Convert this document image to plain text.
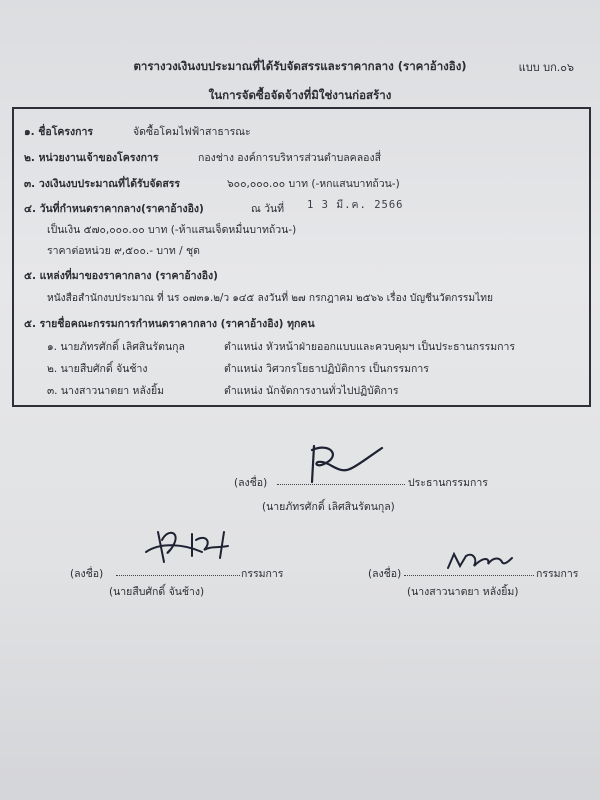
แบบ บก.๐๖
ตารางวงเงินงบประมาณที่ได้รับจัดสรรและราคากลาง (ราคาอ้างอิง)
ในการจัดซื้อจัดจ้างที่มิใช่งานก่อสร้าง
๑. ชื่อโครงการ	จัดซื้อโคมไฟฟ้าสาธารณะ
๒. หน่วยงานเจ้าของโครงการ	กองช่าง องค์การบริหารส่วนตำบลคลองสี่
๓. วงเงินงบประมาณที่ได้รับจัดสรร	๖๐๐,๐๐๐.๐๐ บาท (-หกแสนบาทถ้วน-)
๔. วันที่กำหนดราคากลาง(ราคาอ้างอิง)	ณ วันที่ 1 3 มี.ค. 2566
เป็นเงิน ๕๗๐,๐๐๐.๐๐ บาท (-ห้าแสนเจ็ดหมื่นบาทถ้วน-)
ราคาต่อหน่วย ๙,๕๐๐.- บาท / ชุด
๕. แหล่งที่มาของราคากลาง (ราคาอ้างอิง)
หนังสือสำนักงบประมาณ ที่ นร ๐๗๓๑.๒/ว ๑๔๕ ลงวันที่ ๒๗ กรกฎาคม ๒๕๖๖ เรื่อง บัญชีนวัตกรรมไทย
๕. รายชื่อคณะกรรมการกำหนดราคากลาง (ราคาอ้างอิง) ทุกคน
๑. นายภัทรศักดิ์ เลิศสินรัตนกุล	ตำแหน่ง หัวหน้าฝ่ายออกแบบและควบคุมฯ เป็นประธานกรรมการ
๒. นายสืบศักดิ์ จันช้าง	ตำแหน่ง วิศวกรโยธาปฏิบัติการ เป็นกรรมการ
๓. นางสาวนาตยา หลังยิ้ม	ตำแหน่ง นักจัดการงานทั่วไปปฏิบัติการ
(ลงชื่อ)	ประธานกรรมการ
(นายภัทรศักดิ์ เลิศสินรัตนกุล)
(ลงชื่อ)	กรรมการ
(นายสืบศักดิ์ จันช้าง)
(ลงชื่อ)	กรรมการ
(นางสาวนาตยา หลังยิ้ม)
